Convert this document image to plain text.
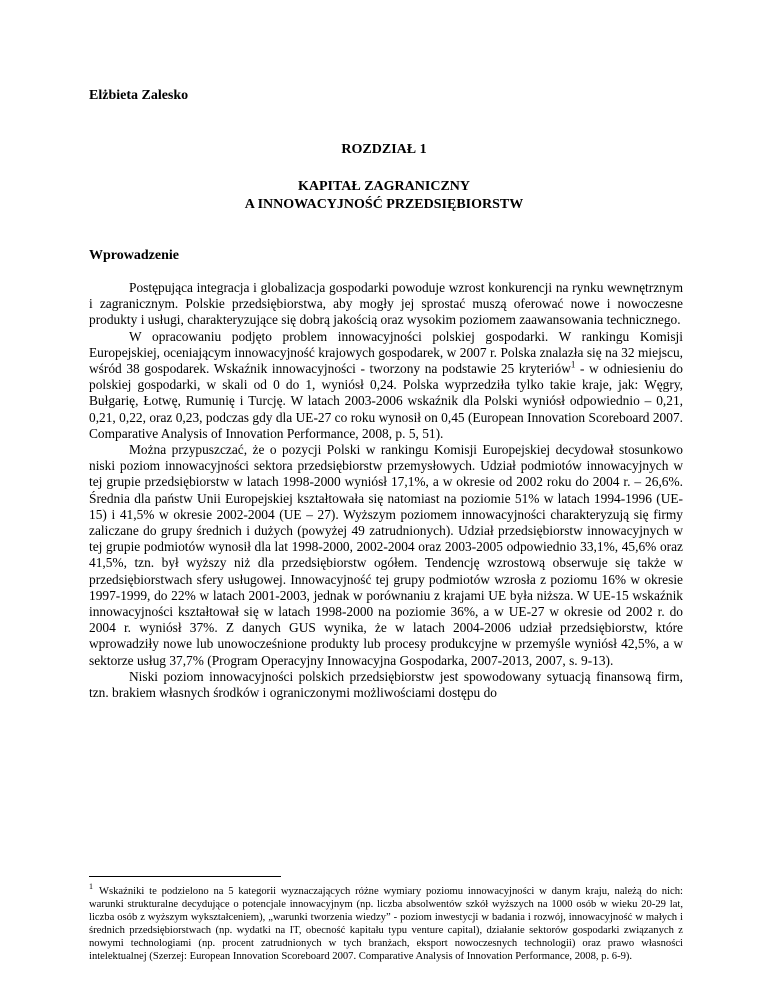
Elżbieta Zalesko
ROZDZIAŁ 1
KAPITAŁ ZAGRANICZNY
A INNOWACYJNOŚĆ PRZEDSIĘBIORSTW
Wprowadzenie

Postępująca integracja i globalizacja gospodarki powoduje wzrost konkurencji na rynku wewnętrznym i zagranicznym. Polskie przedsiębiorstwa, aby mogły jej sprostać muszą oferować nowe i nowoczesne produkty i usługi, charakteryzujące się dobrą jakością oraz wysokim poziomem zaawansowania technicznego.

W opracowaniu podjęto problem innowacyjności polskiej gospodarki. W rankingu Komisji Europejskiej, oceniającym innowacyjność krajowych gospodarek, w 2007 r. Polska znalazła się na 32 miejscu, wśród 38 gospodarek. Wskaźnik innowacyjności - tworzony na podstawie 25 kryteriów$^1$ - w odniesieniu do polskiej gospodarki, w skali od 0 do 1, wyniósł 0,24. Polska wyprzedziła tylko takie kraje, jak: Węgry, Bułgarię, Łotwę, Rumunię i Turcję. W latach 2003-2006 wskaźnik dla Polski wyniósł odpowiednio – 0,21, 0,21, 0,22, oraz 0,23, podczas gdy dla UE-27 co roku wynosił on 0,45 (European Innovation Scoreboard 2007. Comparative Analysis of Innovation Performance, 2008, p. 5, 51).

Można przypuszczać, że o pozycji Polski w rankingu Komisji Europejskiej decydował stosunkowo niski poziom innowacyjności sektora przedsiębiorstw przemysłowych. Udział podmiotów innowacyjnych w tej grupie przedsiębiorstw w latach 1998-2000 wyniósł 17,1%, a w okresie od 2002 roku do 2004 r. – 26,6%. Średnia dla państw Unii Europejskiej kształtowała się natomiast na poziomie 51% w latach 1994-1996 (UE-15) i 41,5% w okresie 2002-2004 (UE – 27). Wyższym poziomem innowacyjności charakteryzują się firmy zaliczane do grupy średnich i dużych (powyżej 49 zatrudnionych). Udział przedsiębiorstw innowacyjnych w tej grupie podmiotów wynosił dla lat 1998-2000, 2002-2004 oraz 2003-2005 odpowiednio 33,1%, 45,6% oraz 41,5%, tzn. był wyższy niż dla przedsiębiorstw ogółem. Tendencję wzrostową obserwuje się także w przedsiębiorstwach sfery usługowej. Innowacyjność tej grupy podmiotów wzrosła z poziomu 16% w okresie 1997-1999, do 22% w latach 2001-2003, jednak w porównaniu z krajami UE była niższa. W UE-15 wskaźnik innowacyjności kształtował się w latach 1998-2000 na poziomie 36%, a w UE-27 w okresie od 2002 r. do 2004 r. wyniósł 37%. Z danych GUS wynika, że w latach 2004-2006 udział przedsiębiorstw, które wprowadziły nowe lub unowocześnione produkty lub procesy produkcyjne w przemyśle wyniósł 42,5%, a w sektorze usług 37,7% (Program Operacyjny Innowacyjna Gospodarka, 2007-2013, 2007, s. 9-13).

Niski poziom innowacyjności polskich przedsiębiorstw jest spowodowany sytuacją finansową firm, tzn. brakiem własnych środków i ograniczonymi możliwościami dostępu do

$^1$ Wskaźniki te podzielono na 5 kategorii wyznaczających różne wymiary poziomu innowacyjności w danym kraju, należą do nich: warunki strukturalne decydujące o potencjale innowacyjnym (np. liczba absolwentów szkół wyższych na 1000 osób w wieku 20-29 lat, liczba osób z wyższym wykształceniem), „warunki tworzenia wiedzy” - poziom inwestycji w badania i rozwój, innowacyjność w małych i średnich przedsiębiorstwach (np. wydatki na IT, obecność kapitału typu venture capital), działanie sektorów gospodarki związanych z nowymi technologiami (np. procent zatrudnionych w tych branżach, eksport nowoczesnych technologii) oraz prawo własności intelektualnej (Szerzej: European Innovation Scoreboard 2007. Comparative Analysis of Innovation Performance, 2008, p. 6-9).
